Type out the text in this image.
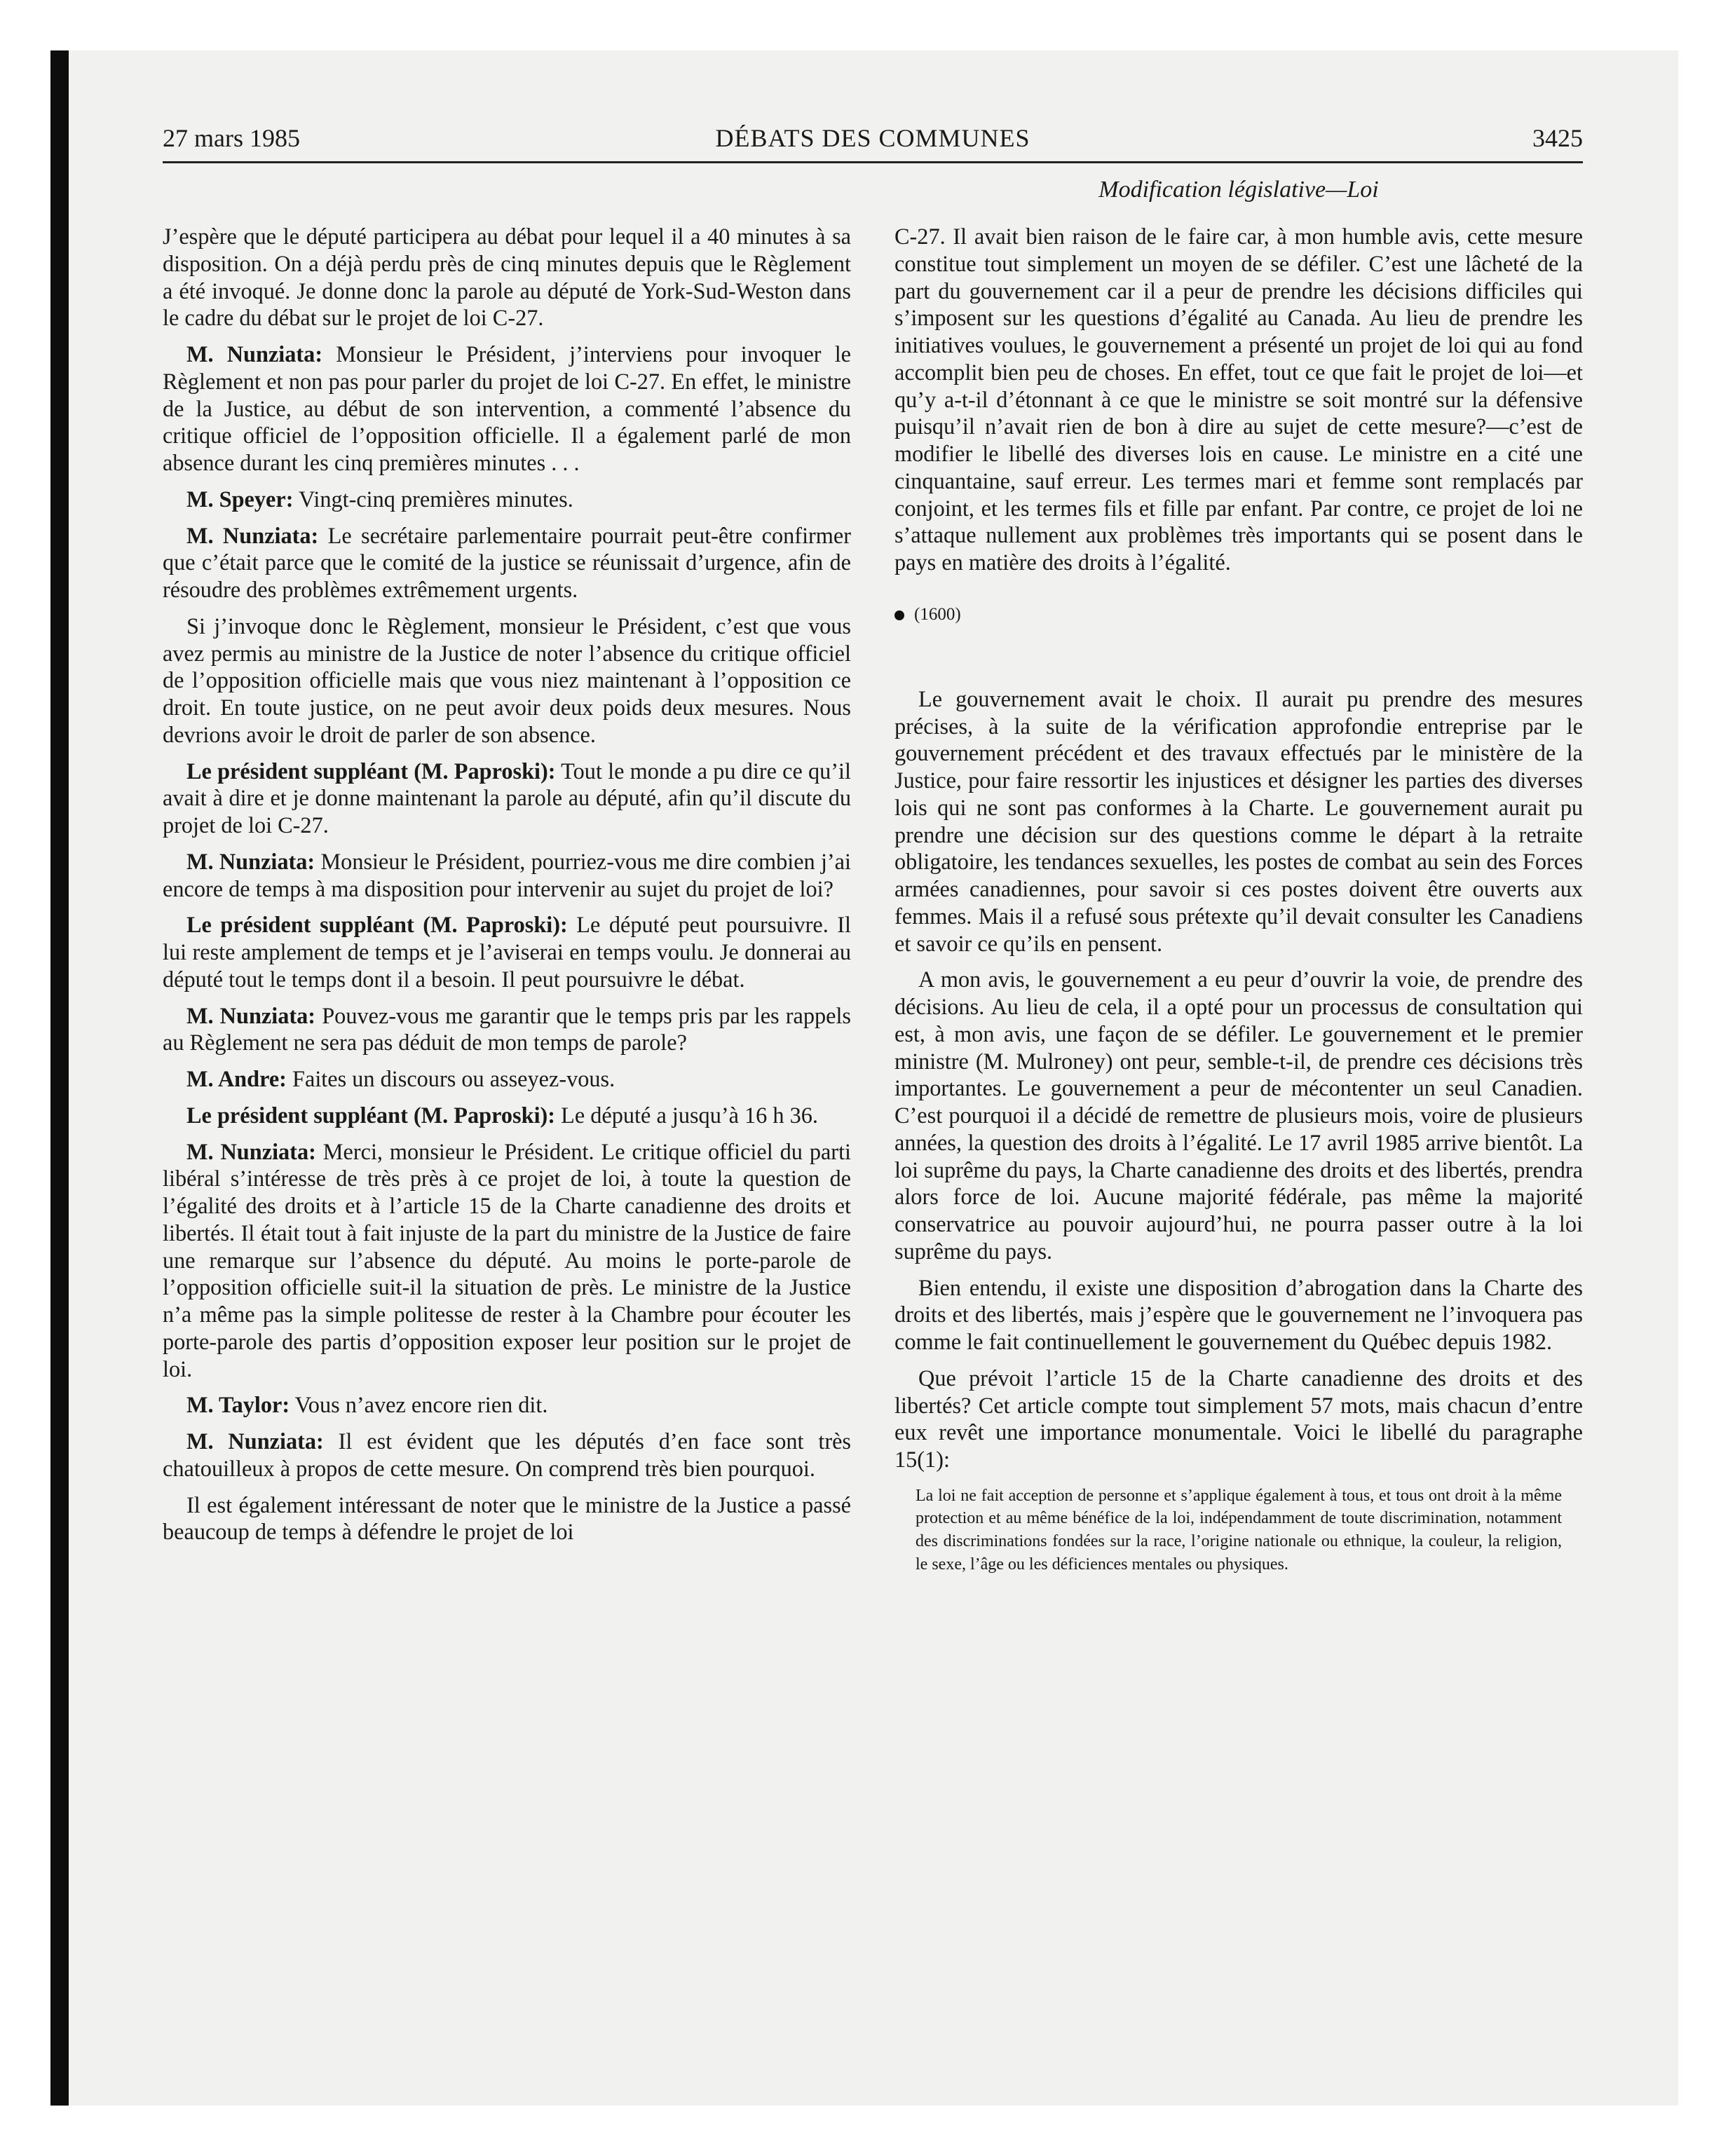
27 mars 1985	DÉBATS DES COMMUNES	3425
Modification législative—Loi

J’espère que le député participera au débat pour lequel il a 40 minutes à sa disposition. On a déjà perdu près de cinq minutes depuis que le Règlement a été invoqué. Je donne donc la parole au député de York-Sud-Weston dans le cadre du débat sur le projet de loi C-27.

M. Nunziata: Monsieur le Président, j’interviens pour invoquer le Règlement et non pas pour parler du projet de loi C-27. En effet, le ministre de la Justice, au début de son intervention, a commenté l’absence du critique officiel de l’opposition officielle. Il a également parlé de mon absence durant les cinq premières minutes . . .

M. Speyer: Vingt-cinq premières minutes.

M. Nunziata: Le secrétaire parlementaire pourrait peut-être confirmer que c’était parce que le comité de la justice se réunissait d’urgence, afin de résoudre des problèmes extrêmement urgents.

Si j’invoque donc le Règlement, monsieur le Président, c’est que vous avez permis au ministre de la Justice de noter l’absence du critique officiel de l’opposition officielle mais que vous niez maintenant à l’opposition ce droit. En toute justice, on ne peut avoir deux poids deux mesures. Nous devrions avoir le droit de parler de son absence.

Le président suppléant (M. Paproski): Tout le monde a pu dire ce qu’il avait à dire et je donne maintenant la parole au député, afin qu’il discute du projet de loi C-27.

M. Nunziata: Monsieur le Président, pourriez-vous me dire combien j’ai encore de temps à ma disposition pour intervenir au sujet du projet de loi?

Le président suppléant (M. Paproski): Le député peut poursuivre. Il lui reste amplement de temps et je l’aviserai en temps voulu. Je donnerai au député tout le temps dont il a besoin. Il peut poursuivre le débat.

M. Nunziata: Pouvez-vous me garantir que le temps pris par les rappels au Règlement ne sera pas déduit de mon temps de parole?

M. Andre: Faites un discours ou asseyez-vous.

Le président suppléant (M. Paproski): Le député a jusqu’à 16 h 36.

M. Nunziata: Merci, monsieur le Président. Le critique officiel du parti libéral s’intéresse de très près à ce projet de loi, à toute la question de l’égalité des droits et à l’article 15 de la Charte canadienne des droits et libertés. Il était tout à fait injuste de la part du ministre de la Justice de faire une remarque sur l’absence du député. Au moins le porte-parole de l’opposition officielle suit-il la situation de près. Le ministre de la Justice n’a même pas la simple politesse de rester à la Chambre pour écouter les porte-parole des partis d’opposition exposer leur position sur le projet de loi.

M. Taylor: Vous n’avez encore rien dit.

M. Nunziata: Il est évident que les députés d’en face sont très chatouilleux à propos de cette mesure. On comprend très bien pourquoi.

Il est également intéressant de noter que le ministre de la Justice a passé beaucoup de temps à défendre le projet de loi

C-27. Il avait bien raison de le faire car, à mon humble avis, cette mesure constitue tout simplement un moyen de se défiler. C’est une lâcheté de la part du gouvernement car il a peur de prendre les décisions difficiles qui s’imposent sur les questions d’égalité au Canada. Au lieu de prendre les initiatives voulues, le gouvernement a présenté un projet de loi qui au fond accomplit bien peu de choses. En effet, tout ce que fait le projet de loi—et qu’y a-t-il d’étonnant à ce que le ministre se soit montré sur la défensive puisqu’il n’avait rien de bon à dire au sujet de cette mesure?—c’est de modifier le libellé des diverses lois en cause. Le ministre en a cité une cinquantaine, sauf erreur. Les termes mari et femme sont remplacés par conjoint, et les termes fils et fille par enfant. Par contre, ce projet de loi ne s’attaque nullement aux problèmes très importants qui se posent dans le pays en matière des droits à l’égalité.

(1600)

Le gouvernement avait le choix. Il aurait pu prendre des mesures précises, à la suite de la vérification approfondie entreprise par le gouvernement précédent et des travaux effectués par le ministère de la Justice, pour faire ressortir les injustices et désigner les parties des diverses lois qui ne sont pas conformes à la Charte. Le gouvernement aurait pu prendre une décision sur des questions comme le départ à la retraite obligatoire, les tendances sexuelles, les postes de combat au sein des Forces armées canadiennes, pour savoir si ces postes doivent être ouverts aux femmes. Mais il a refusé sous prétexte qu’il devait consulter les Canadiens et savoir ce qu’ils en pensent.

A mon avis, le gouvernement a eu peur d’ouvrir la voie, de prendre des décisions. Au lieu de cela, il a opté pour un processus de consultation qui est, à mon avis, une façon de se défiler. Le gouvernement et le premier ministre (M. Mulroney) ont peur, semble-t-il, de prendre ces décisions très importantes. Le gouvernement a peur de mécontenter un seul Canadien. C’est pourquoi il a décidé de remettre de plusieurs mois, voire de plusieurs années, la question des droits à l’égalité. Le 17 avril 1985 arrive bientôt. La loi suprême du pays, la Charte canadienne des droits et des libertés, prendra alors force de loi. Aucune majorité fédérale, pas même la majorité conservatrice au pouvoir aujourd’hui, ne pourra passer outre à la loi suprême du pays.

Bien entendu, il existe une disposition d’abrogation dans la Charte des droits et des libertés, mais j’espère que le gouvernement ne l’invoquera pas comme le fait continuellement le gouvernement du Québec depuis 1982.

Que prévoit l’article 15 de la Charte canadienne des droits et des libertés? Cet article compte tout simplement 57 mots, mais chacun d’entre eux revêt une importance monumentale. Voici le libellé du paragraphe 15(1):

La loi ne fait acception de personne et s’applique également à tous, et tous ont droit à la même protection et au même bénéfice de la loi, indépendamment de toute discrimination, notamment des discriminations fondées sur la race, l’origine nationale ou ethnique, la couleur, la religion, le sexe, l’âge ou les déficiences mentales ou physiques.
